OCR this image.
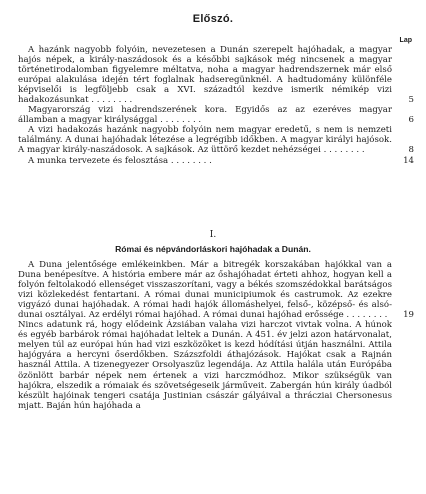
Előszó.
Lap
A hazánk nagyobb folyóin, nevezetesen a Dunán szerepelt hajóhadak, a magyar hajós népek, a király-naszádosok és a későbbi sajkások még nincsenek a magyar történetirodalomban figyelemre méltatva, noha a magyar hadrendszernek már első európai alakulása idején tért foglalnak hadseregünknél. A hadtudomány különféle képviselői is legföljebb csak a XVI. századtól kezdve ismerik némikép vizi hadakozásunkat . . . . . . . .	5
Magyarország vizi hadrendszerének kora. Egyidős az az ezeréves magyar államban a magyar királysággal . . . . . . . .	6
A vizi hadakozás hazánk nagyobb folyóin nem magyar eredetű, s nem is nemzeti találmány. A dunai hajóhadak létezése a legrégibb időkben. A magyar királyi hajósok. A magyar király-naszádosok. A sajkások. Az üttörő kezdet nehézségei . . . . . . . .	8
A munka tervezete és felosztása . . . . . . . .	14
I.
Római és népvándorláskori hajóhadak a Dunán.
A Duna jelentősége emlékeinkben. Már a bitregék korszakában hajókkal van a Duna benépesítve. A história embere már az őshajóhadat érteti ahhoz, hogyan kell a folyón feltolakodó ellenséget visszaszorítani, vagy a békés szomszédokkal barátságos vizi közlekedést fentartani. A római dunai municipiumok és castrumok. Az ezekre vigyázó dunai hajóhadak. A római hadi hajók állomáshelyei, felső-, középső- és alsó-dunai osztályai. Az erdélyi római hajóhad. A római dunai hajóhad erőssége . . . . . . . .	19
Nincs adatunk rá, hogy elődeink Ázsiában valaha vizi harczot vivtak volna. A húnok és egyéb barbárok római hajóhadat leltek a Dunán. A 451. év jelzi azon határvonalat, melyen túl az európai hún had vizi eszközöket is kezd hódítási útján használni. Attila hajógyára a hercyni őserdőkben. Százszfoldi áthajózások. Hajókat csak a Rajnán használ Attila. A tizenegyezer Orsolyaszüz legendája. Az Attila halála után Európába özönlött barbár népek nem értenek a vizi harczmódhoz. Mikor szükségük van hajókra, elszedik a rómaiak és szövetségeseik járműveit. Zabergán hún király úadból készült hajóinak tengeri csatája Justinian császár gályáival a thrácziai Chersonesus mjatt. Baján hún hajóhada a
